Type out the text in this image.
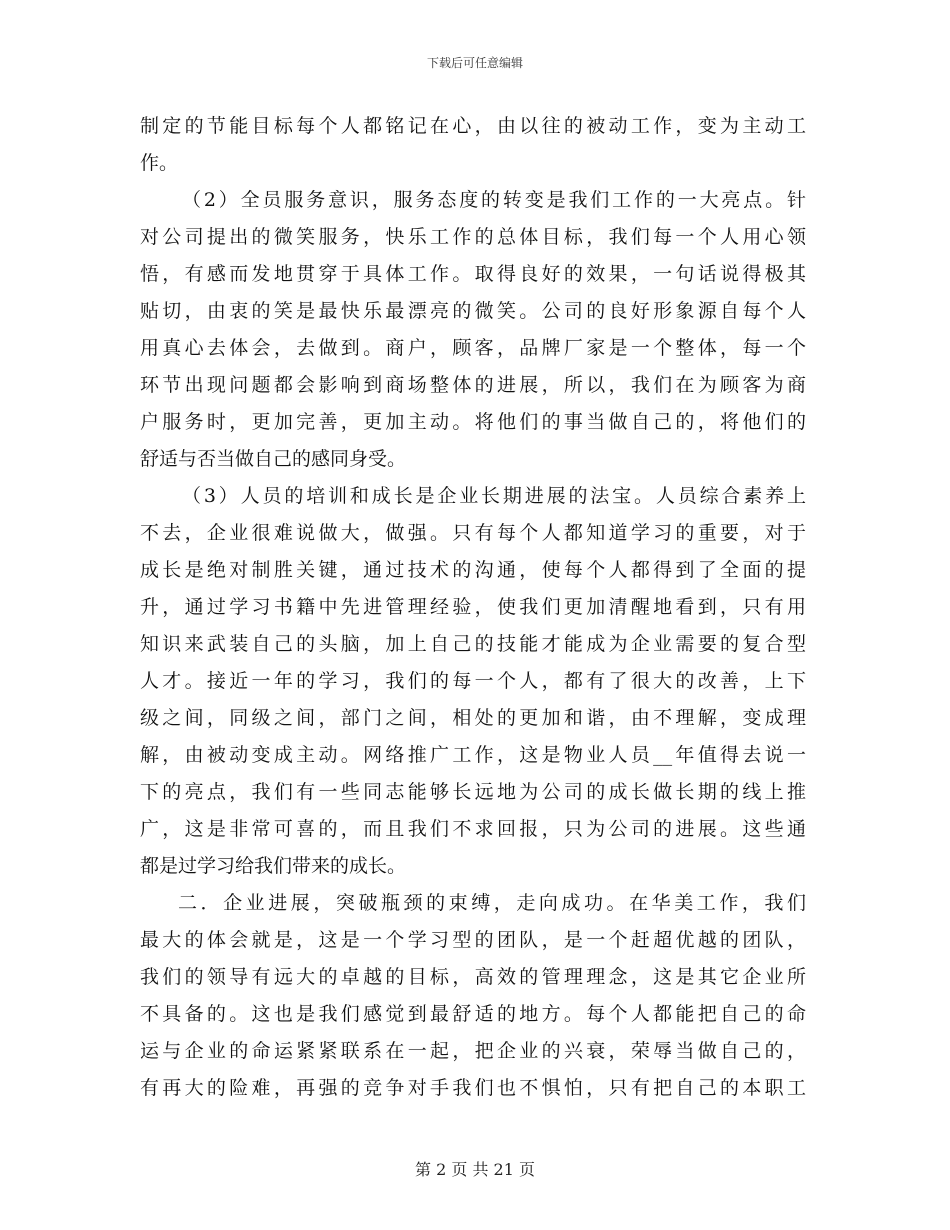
下载后可任意编辑
制定的节能目标每个人都铭记在心，由以往的被动工作，变为主动工
作。
（2）全员服务意识，服务态度的转变是我们工作的一大亮点。针
对公司提出的微笑服务，快乐工作的总体目标，我们每一个人用心领
悟，有感而发地贯穿于具体工作。取得良好的效果，一句话说得极其
贴切，由衷的笑是最快乐最漂亮的微笑。公司的良好形象源自每个人
用真心去体会，去做到。商户，顾客，品牌厂家是一个整体，每一个
环节出现问题都会影响到商场整体的进展，所以，我们在为顾客为商
户服务时，更加完善，更加主动。将他们的事当做自己的，将他们的
舒适与否当做自己的感同身受。
（3）人员的培训和成长是企业长期进展的法宝。人员综合素养上
不去，企业很难说做大，做强。只有每个人都知道学习的重要，对于
成长是绝对制胜关键，通过技术的沟通，使每个人都得到了全面的提
升，通过学习书籍中先进管理经验，使我们更加清醒地看到，只有用
知识来武装自己的头脑，加上自己的技能才能成为企业需要的复合型
人才。接近一年的学习，我们的每一个人，都有了很大的改善，上下
级之间，同级之间，部门之间，相处的更加和谐，由不理解，变成理
解，由被动变成主动。网络推广工作，这是物业人员__年值得去说一
下的亮点，我们有一些同志能够长远地为公司的成长做长期的线上推
广，这是非常可喜的，而且我们不求回报，只为公司的进展。这些通
都是过学习给我们带来的成长。
二．企业进展，突破瓶颈的束缚，走向成功。在华美工作，我们
最大的体会就是，这是一个学习型的团队，是一个赶超优越的团队，
我们的领导有远大的卓越的目标，高效的管理理念，这是其它企业所
不具备的。这也是我们感觉到最舒适的地方。每个人都能把自己的命
运与企业的命运紧紧联系在一起，把企业的兴衰，荣辱当做自己的，
有再大的险难，再强的竞争对手我们也不惧怕，只有把自己的本职工
第 2 页 共 21 页
